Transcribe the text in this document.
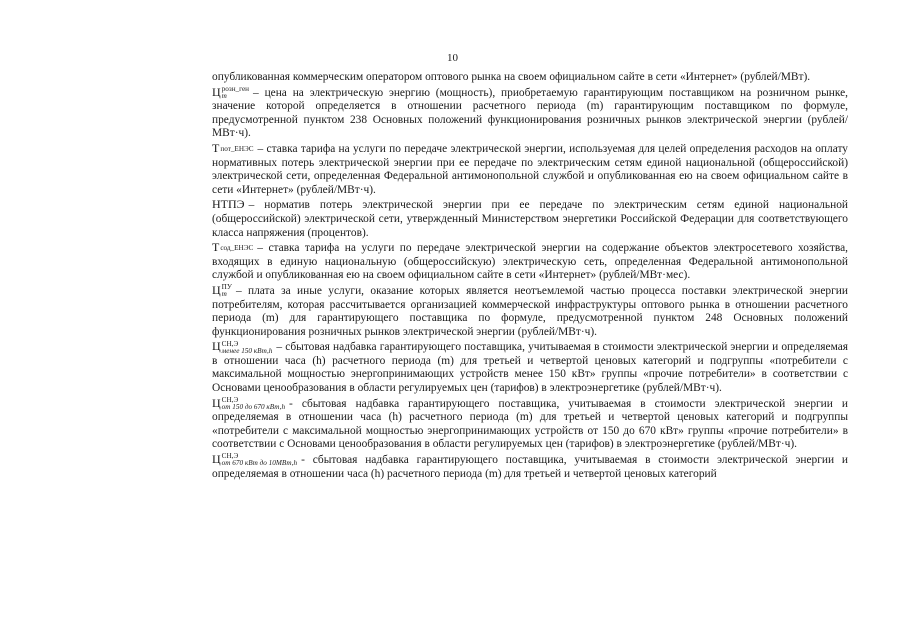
10

опубликованная коммерческим оператором оптового рынка на своем официальном сайте в сети «Интернет» (рублей/МВт).

Ц розн_ген
m	– цена на электрическую энергию (мощность), приобретаемую гарантирующим поставщиком на розничном рынке, значение которой определяется в отношении расчетного периода (m) гарантирующим поставщиком по формуле, предусмотренной пунктом 238 Основных положений функционирования розничных рынков электрической энергии (рублей/МВт·ч).

Т пот_ЕНЭС – ставка тарифа на услуги по передаче электрической энергии, используемая для целей определения расходов на оплату нормативных потерь электрической энергии при ее передаче по электрическим сетям единой национальной (общероссийской) электрической сети, определенная Федеральной антимонопольной службой и опубликованная ею на своем официальном сайте в сети «Интернет» (рублей/МВт·ч).

НТПЭ – норматив потерь электрической энергии при ее передаче по электрическим сетям единой национальной (общероссийской) электрической сети, утвержденный Министерством энергетики Российской Федерации для соответствующего класса напряжения (процентов).

Т сод_ЕНЭС – ставка тарифа на услуги по передаче электрической энергии на содержание объектов электросетевого хозяйства, входящих в единую национальную (общероссийскую) электрическую сеть, определенная Федеральной антимонопольной службой и опубликованная ею на своем официальном сайте в сети «Интернет» (рублей/МВт·мес).

Ц ПУ
m – плата за иные услуги, оказание которых является неотъемлемой частью процесса поставки электрической энергии потребителям, которая рассчитывается организацией коммерческой инфраструктуры оптового рынка в отношении расчетного периода (m) для гарантирующего поставщика по формуле, предусмотренной пунктом 248 Основных положений функционирования розничных рынков электрической энергии (рублей/МВт·ч).

Ц СН,Э
менее 150 кВт,h – сбытовая надбавка гарантирующего поставщика, учитываемая в стоимости электрической энергии и определяемая в отношении часа (h) расчетного периода (m) для третьей и четвертой ценовых категорий и подгруппы «потребители с максимальной мощностью энергопринимающих устройств менее 150 кВт» группы «прочие потребители» в соответствии с Основами ценообразования в области регулируемых цен (тарифов) в электроэнергетике (рублей/МВт·ч).

Ц СН,Э
от 150 до 670 кВт,h - сбытовая надбавка гарантирующего поставщика, учитываемая в стоимости электрической энергии и определяемая в отношении часа (h) расчетного периода (m) для третьей и четвертой ценовых категорий и подгруппы «потребители с максимальной мощностью энергопринимающих устройств от 150 до 670 кВт» группы «прочие потребители» в соответствии с Основами ценообразования в области регулируемых цен (тарифов) в электроэнергетике (рублей/МВт·ч).

Ц СН,Э
от 670 кВт до 10МВт,h - сбытовая надбавка гарантирующего поставщика, учитываемая в стоимости электрической энергии и определяемая в отношении часа (h) расчетного периода (m) для третьей и четвертой ценовых категорий
